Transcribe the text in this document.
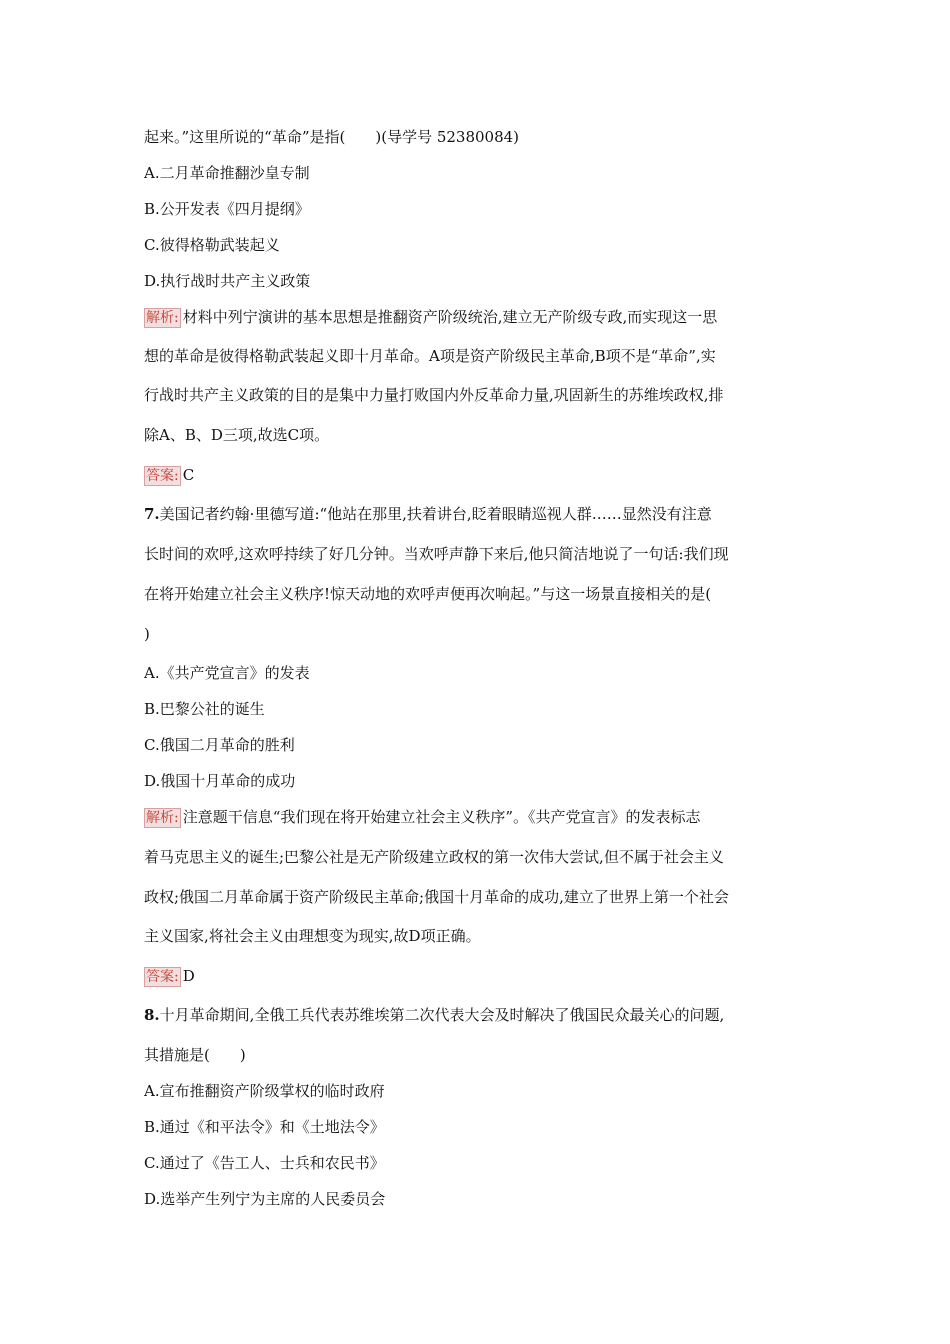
起来。”这里所说的“革命”是指(　　)(导学号 52380084)
A.二月革命推翻沙皇专制
B.公开发表《四月提纲》
C.彼得格勒武装起义
D.执行战时共产主义政策
解析: 材料中列宁演讲的基本思想是推翻资产阶级统治,建立无产阶级专政,而实现这一思
想的革命是彼得格勒武装起义即十月革命。A项是资产阶级民主革命,B项不是“革命”,实
行战时共产主义政策的目的是集中力量打败国内外反革命力量,巩固新生的苏维埃政权,排
除A、B、D三项,故选C项。
答案: C
7.美国记者约翰·里德写道:“他站在那里,扶着讲台,眨着眼睛巡视人群……显然没有注意
长时间的欢呼,这欢呼持续了好几分钟。当欢呼声静下来后,他只简洁地说了一句话:我们现
在将开始建立社会主义秩序!惊天动地的欢呼声便再次响起。”与这一场景直接相关的是(
)
A.《共产党宣言》的发表
B.巴黎公社的诞生
C.俄国二月革命的胜利
D.俄国十月革命的成功
解析: 注意题干信息“我们现在将开始建立社会主义秩序”。《共产党宣言》的发表标志
着马克思主义的诞生;巴黎公社是无产阶级建立政权的第一次伟大尝试,但不属于社会主义
政权;俄国二月革命属于资产阶级民主革命;俄国十月革命的成功,建立了世界上第一个社会
主义国家,将社会主义由理想变为现实,故D项正确。
答案: D
8.十月革命期间,全俄工兵代表苏维埃第二次代表大会及时解决了俄国民众最关心的问题,
其措施是(　　)
A.宣布推翻资产阶级掌权的临时政府
B.通过《和平法令》和《土地法令》
C.通过了《告工人、士兵和农民书》
D.选举产生列宁为主席的人民委员会
